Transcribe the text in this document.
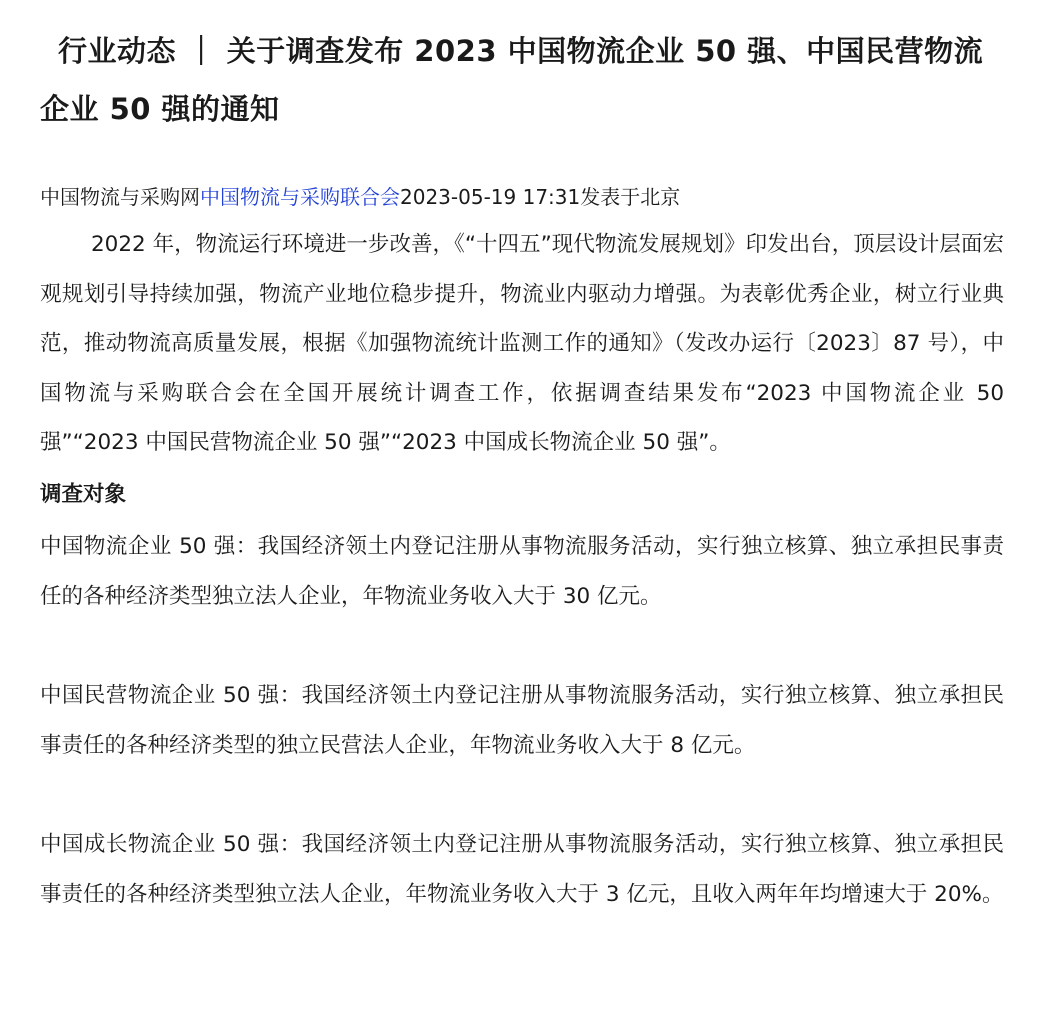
行业动态 ｜ 关于调查发布 2023 中国物流企业 50 强、中国民营物流企业 50 强的通知
中国物流与采购网中国物流与采购联合会2023-05-19 17:31发表于北京

2022 年，物流运行环境进一步改善，《“十四五”现代物流发展规划》印发出台，顶层设计层面宏观规划引导持续加强，物流产业地位稳步提升，物流业内驱动力增强。为表彰优秀企业，树立行业典范，推动物流高质量发展，根据《加强物流统计监测工作的通知》（发改办运行〔2023〕87 号），中国物流与采购联合会在全国开展统计调查工作，依据调查结果发布“2023 中国物流企业 50 强”“2023 中国民营物流企业 50 强”“2023 中国成长物流企业 50 强”。

调查对象

中国物流企业 50 强：我国经济领土内登记注册从事物流服务活动，实行独立核算、独立承担民事责任的各种经济类型独立法人企业，年物流业务收入大于 30 亿元。

中国民营物流企业 50 强：我国经济领土内登记注册从事物流服务活动，实行独立核算、独立承担民事责任的各种经济类型的独立民营法人企业，年物流业务收入大于 8 亿元。

中国成长物流企业 50 强：我国经济领土内登记注册从事物流服务活动，实行独立核算、独立承担民事责任的各种经济类型独立法人企业，年物流业务收入大于 3 亿元，且收入两年年均增速大于 20%。
